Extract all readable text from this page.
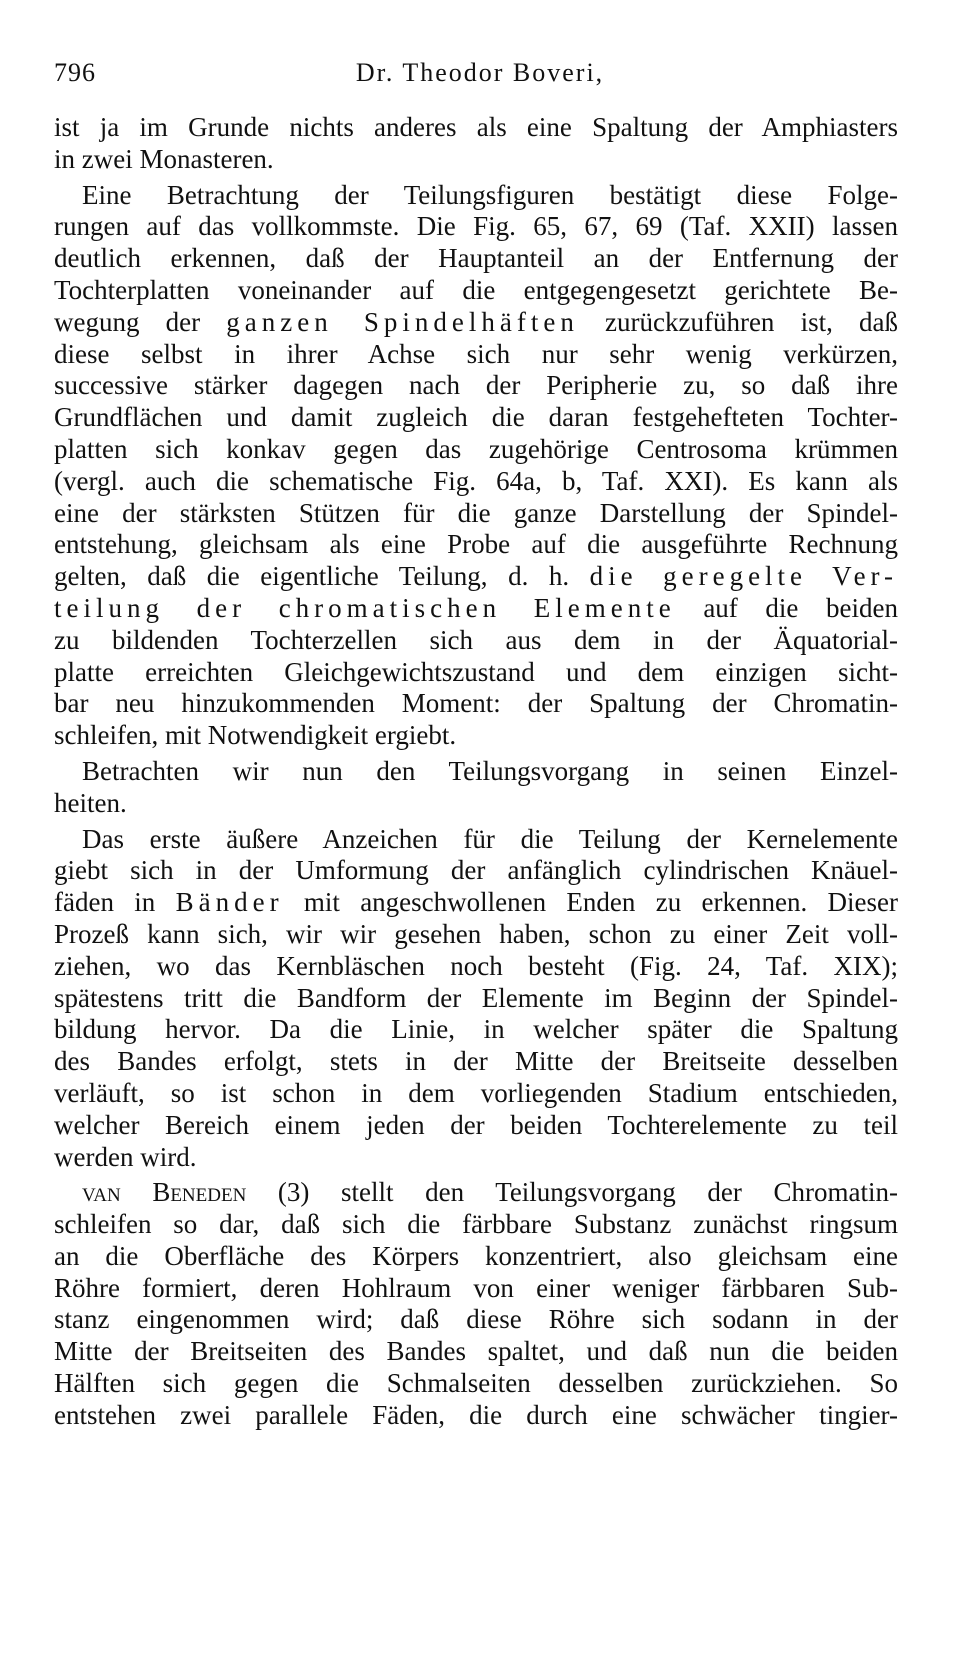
796	Dr. Theodor Boveri,

ist ja im Grunde nichts anderes als eine Spaltung der Amphiasters
in zwei Monasteren.

Eine Betrachtung der Teilungsfiguren bestätigt diese Folge-
rungen auf das vollkommste. Die Fig. 65, 67, 69 (Taf. XXII) lassen
deutlich erkennen, daß der Hauptanteil an der Entfernung der
Tochterplatten voneinander auf die entgegengesetzt gerichtete Be-
wegung der ganzen Spindelhäften zurückzuführen ist, daß
diese selbst in ihrer Achse sich nur sehr wenig verkürzen,
successive stärker dagegen nach der Peripherie zu, so daß ihre
Grundflächen und damit zugleich die daran festgehefteten Tochter-
platten sich konkav gegen das zugehörige Centrosoma krümmen
(vergl. auch die schematische Fig. 64a, b, Taf. XXI). Es kann als
eine der stärksten Stützen für die ganze Darstellung der Spindel-
entstehung, gleichsam als eine Probe auf die ausgeführte Rechnung
gelten, daß die eigentliche Teilung, d. h. die geregelte Ver-
teilung der chromatischen Elemente auf die beiden
zu bildenden Tochterzellen sich aus dem in der Äquatorial-
platte erreichten Gleichgewichtszustand und dem einzigen sicht-
bar neu hinzukommenden Moment: der Spaltung der Chromatin-
schleifen, mit Notwendigkeit ergiebt.

Betrachten wir nun den Teilungsvorgang in seinen Einzel-
heiten.

Das erste äußere Anzeichen für die Teilung der Kernelemente
giebt sich in der Umformung der anfänglich cylindrischen Knäuel-
fäden in Bänder mit angeschwollenen Enden zu erkennen. Dieser
Prozeß kann sich, wir wir gesehen haben, schon zu einer Zeit voll-
ziehen, wo das Kernbläschen noch besteht (Fig. 24, Taf. XIX);
spätestens tritt die Bandform der Elemente im Beginn der Spindel-
bildung hervor. Da die Linie, in welcher später die Spaltung
des Bandes erfolgt, stets in der Mitte der Breitseite desselben
verläuft, so ist schon in dem vorliegenden Stadium entschieden,
welcher Bereich einem jeden der beiden Tochterelemente zu teil
werden wird.

van Beneden (3) stellt den Teilungsvorgang der Chromatin-
schleifen so dar, daß sich die färbbare Substanz zunächst ringsum
an die Oberfläche des Körpers konzentriert, also gleichsam eine
Röhre formiert, deren Hohlraum von einer weniger färbbaren Sub-
stanz eingenommen wird; daß diese Röhre sich sodann in der
Mitte der Breitseiten des Bandes spaltet, und daß nun die beiden
Hälften sich gegen die Schmalseiten desselben zurückziehen. So
entstehen zwei parallele Fäden, die durch eine schwächer tingier-
